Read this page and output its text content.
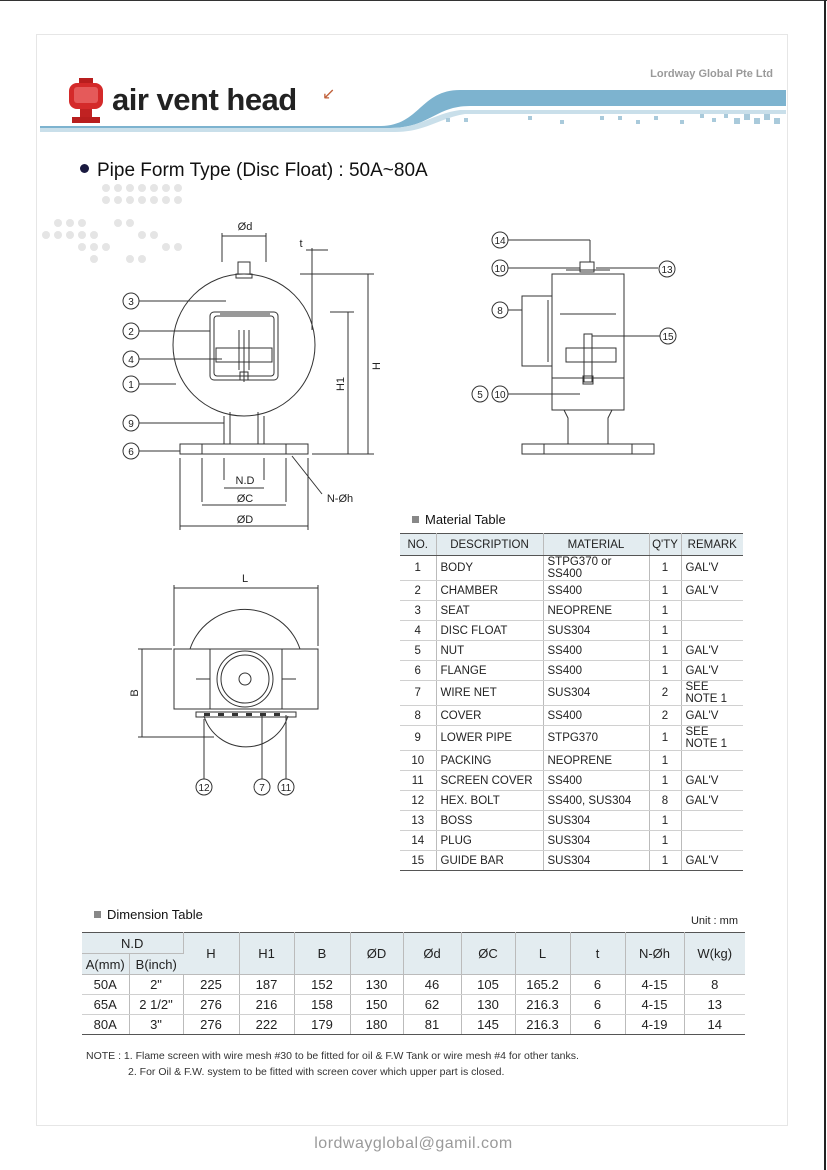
Lordway Global Pte Ltd
air vent head ↙
Pipe Form Type (Disc Float) : 50A~80A
3
2
4
1
9
6
Ød
t
H
H1
N.D
ØC
ØD
N-Øh
14
10	13
8
15
5 10
12	7 11
L
B
Material Table
NO.	DESCRIPTION	MATERIAL	Q'TY	REMARK
1	BODY	STPG370 or SS400	1	GAL'V
2	CHAMBER	SS400	1	GAL'V
3	SEAT	NEOPRENE	1	
4	DISC FLOAT	SUS304	1	
5	NUT	SS400	1	GAL'V
6	FLANGE	SS400	1	GAL'V
7	WIRE NET	SUS304	2	SEE NOTE 1
8	COVER	SS400	2	GAL'V
9	LOWER PIPE	STPG370	1	SEE NOTE 1
10	PACKING	NEOPRENE	1	
11	SCREEN COVER	SS400	1	GAL'V
12	HEX. BOLT	SS400, SUS304	8	GAL'V
13	BOSS	SUS304	1	
14	PLUG	SUS304	1	
15	GUIDE BAR	SUS304	1	GAL'V
Dimension Table	Unit : mm
N.D		H	H1	B	ØD	Ød	ØC	L	t	N-Øh	W(kg)
A(mm)	B(inch)										
50A	2"	225	187	152	130	46	105	165.2	6	4-15	8
65A	2 1/2"	276	216	158	150	62	130	216.3	6	4-15	13
80A	3"	276	222	179	180	81	145	216.3	6	4-19	14
NOTE : 1. Flame screen with wire mesh #30 to be fitted for oil & F.W Tank or wire mesh #4 for other tanks.
2. For Oil & F.W. system to be fitted with screen cover which upper part is closed.
lordwayglobal@gamil.com
